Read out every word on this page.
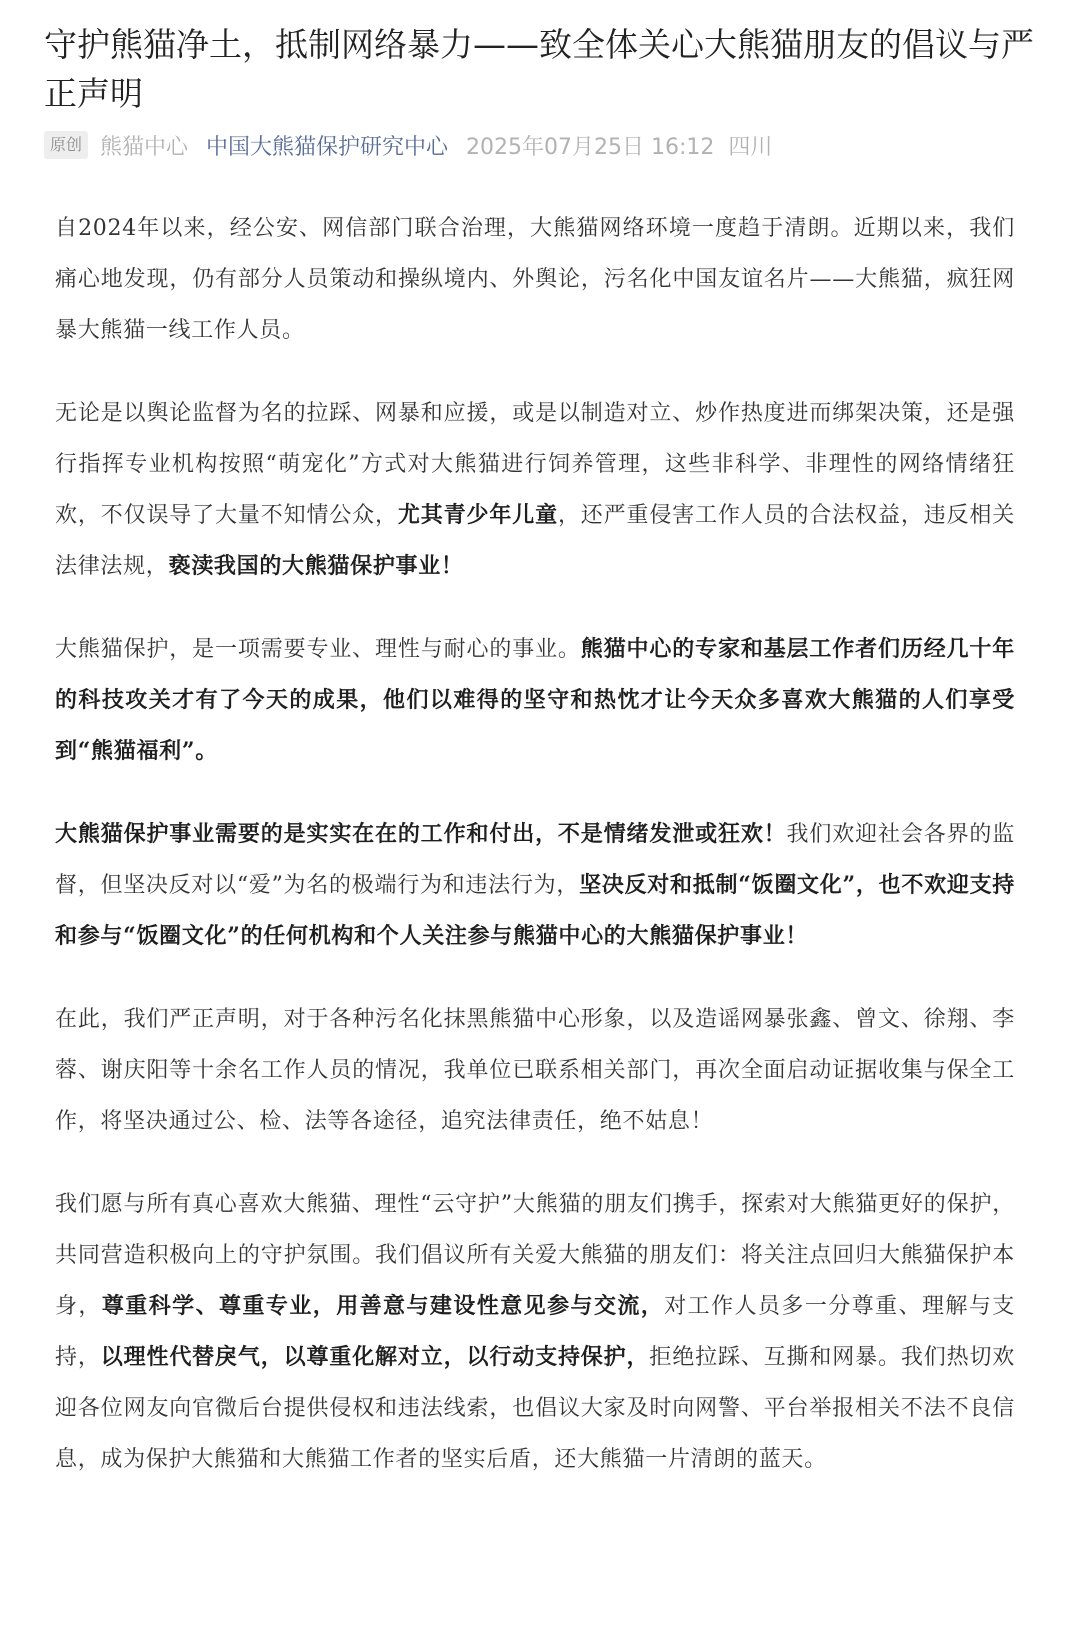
守护熊猫净土，抵制网络暴力——致全体关心大熊猫朋友的倡议与严正声明
原创 熊猫中心 中国大熊猫保护研究中心 2025年07月25日 16:12 四川

自2024年以来，经公安、网信部门联合治理，大熊猫网络环境一度趋于清朗。近期以来，我们痛心地发现，仍有部分人员策动和操纵境内、外舆论，污名化中国友谊名片——大熊猫，疯狂网暴大熊猫一线工作人员。

无论是以舆论监督为名的拉踩、网暴和应援，或是以制造对立、炒作热度进而绑架决策，还是强行指挥专业机构按照“萌宠化”方式对大熊猫进行饲养管理，这些非科学、非理性的网络情绪狂欢，不仅误导了大量不知情公众，尤其青少年儿童，还严重侵害工作人员的合法权益，违反相关法律法规，亵渎我国的大熊猫保护事业！

大熊猫保护，是一项需要专业、理性与耐心的事业。熊猫中心的专家和基层工作者们历经几十年的科技攻关才有了今天的成果，他们以难得的坚守和热忱才让今天众多喜欢大熊猫的人们享受到“熊猫福利”。

大熊猫保护事业需要的是实实在在的工作和付出，不是情绪发泄或狂欢！我们欢迎社会各界的监督，但坚决反对以“爱”为名的极端行为和违法行为，坚决反对和抵制“饭圈文化”，也不欢迎支持和参与“饭圈文化”的任何机构和个人关注参与熊猫中心的大熊猫保护事业！

在此，我们严正声明，对于各种污名化抹黑熊猫中心形象，以及造谣网暴张鑫、曾文、徐翔、李蓉、谢庆阳等十余名工作人员的情况，我单位已联系相关部门，再次全面启动证据收集与保全工作，将坚决通过公、检、法等各途径，追究法律责任，绝不姑息！

我们愿与所有真心喜欢大熊猫、理性“云守护”大熊猫的朋友们携手，探索对大熊猫更好的保护，共同营造积极向上的守护氛围。我们倡议所有关爱大熊猫的朋友们：将关注点回归大熊猫保护本身，尊重科学、尊重专业，用善意与建设性意见参与交流，对工作人员多一分尊重、理解与支持，以理性代替戾气，以尊重化解对立，以行动支持保护，拒绝拉踩、互撕和网暴。我们热切欢迎各位网友向官微后台提供侵权和违法线索，也倡议大家及时向网警、平台举报相关不法不良信息，成为保护大熊猫和大熊猫工作者的坚实后盾，还大熊猫一片清朗的蓝天。
